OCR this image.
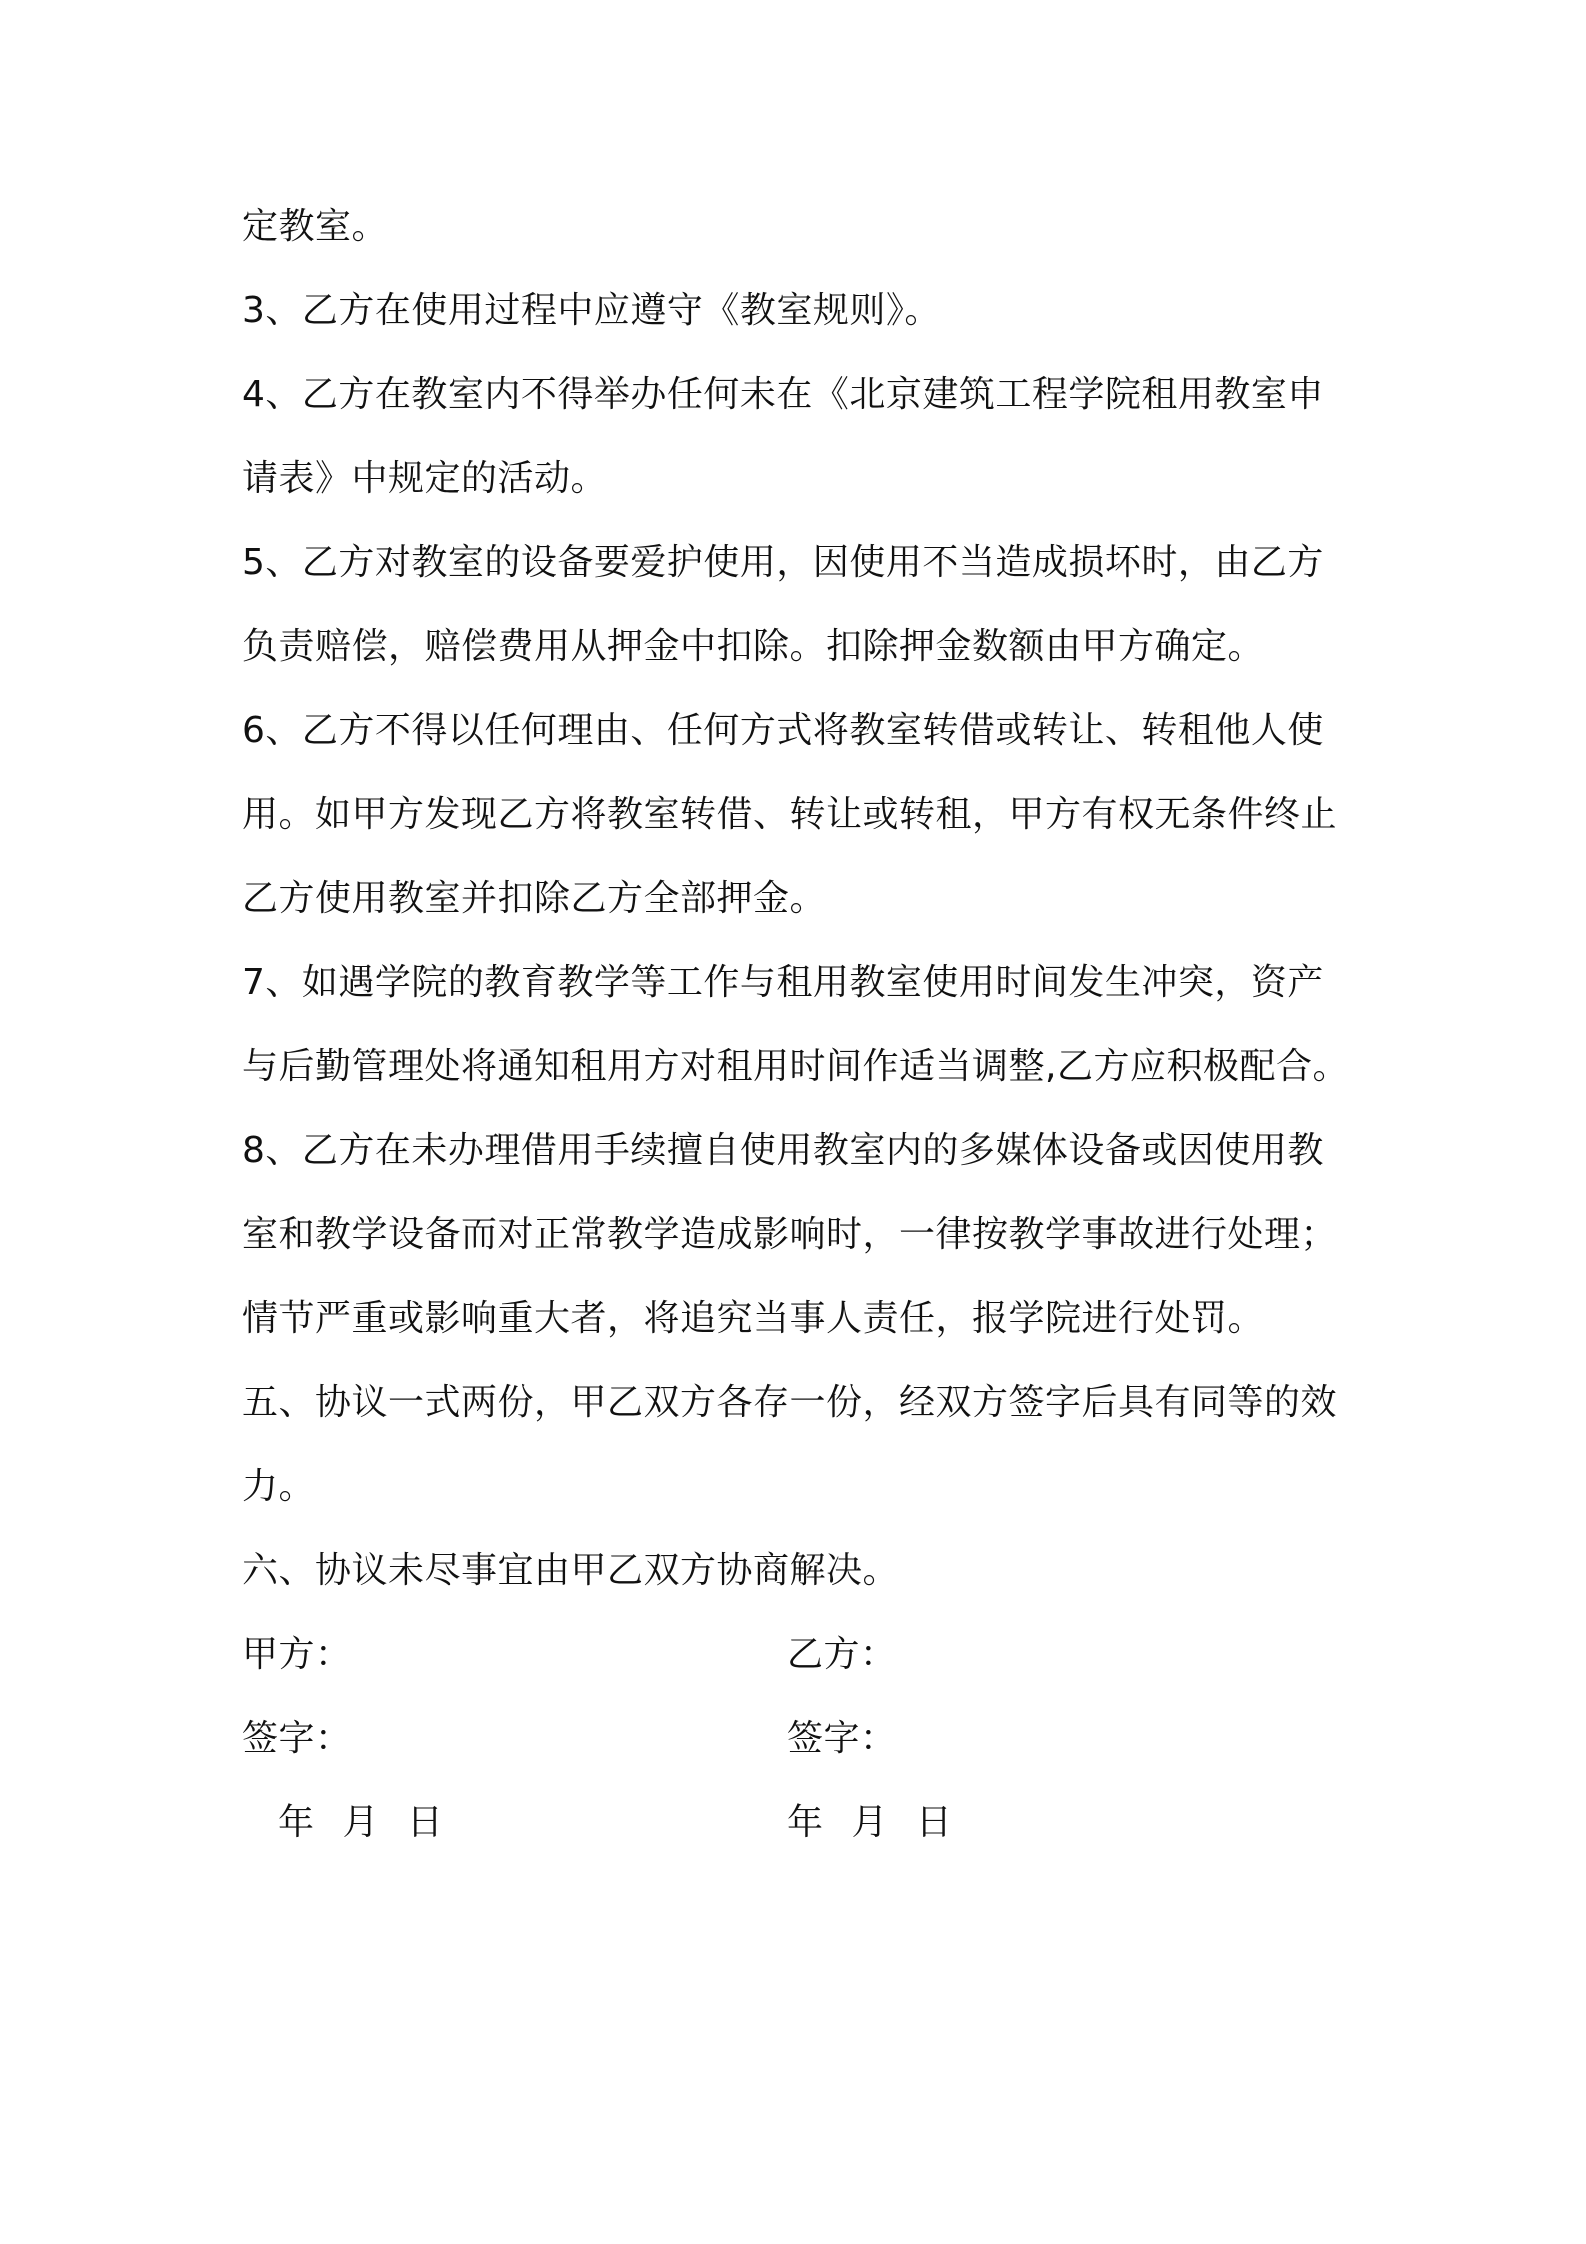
定教室。
3、乙方在使用过程中应遵守《教室规则》。
4、乙方在教室内不得举办任何未在《北京建筑工程学院租用教室申
请表》中规定的活动。
5、乙方对教室的设备要爱护使用，因使用不当造成损坏时，由乙方
负责赔偿，赔偿费用从押金中扣除。扣除押金数额由甲方确定。
6、乙方不得以任何理由、任何方式将教室转借或转让、转租他人使
用。如甲方发现乙方将教室转借、转让或转租，甲方有权无条件终止
乙方使用教室并扣除乙方全部押金。
7、如遇学院的教育教学等工作与租用教室使用时间发生冲突，资产
与后勤管理处将通知租用方对租用时间作适当调整,乙方应积极配合。
8、乙方在未办理借用手续擅自使用教室内的多媒体设备或因使用教
室和教学设备而对正常教学造成影响时，一律按教学事故进行处理；
情节严重或影响重大者，将追究当事人责任，报学院进行处罚。
五、协议一式两份，甲乙双方各存一份，经双方签字后具有同等的效
力。
六、协议未尽事宜由甲乙双方协商解决。
甲方：	乙方：
签字：	签字：
年 月 日	年 月 日
